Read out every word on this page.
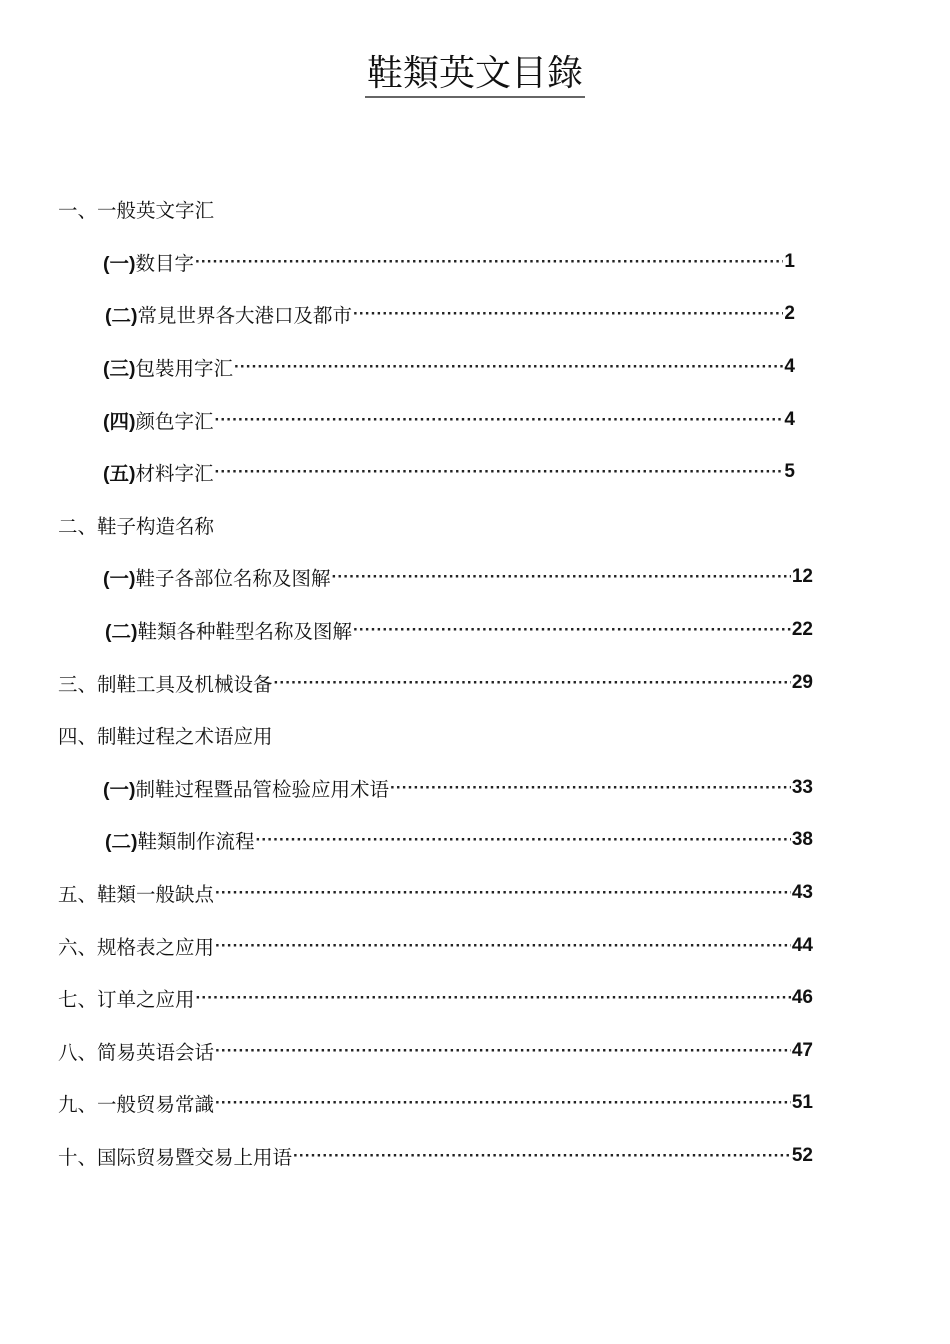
鞋類英文目錄
一、一般英文字汇
(一)数目字 ·····	1
(二)常見世界各大港口及都市 ·····	2
(三)包裝用字汇 ·····	4
(四)颜色字汇 ·····	4
(五)材料字汇 ·····	5
二、鞋子构造名称
(一)鞋子各部位名称及图解 ·····	12
(二)鞋類各种鞋型名称及图解 ·····	22
三、制鞋工具及机械设备 ·····	29
四、制鞋过程之术语应用
(一)制鞋过程暨品管检验应用术语 ·····	33
(二)鞋類制作流程 ·····	38
五、鞋類一般缺点 ·····	43
六、规格表之应用 ·····	44
七、订单之应用 ·····	46
八、简易英语会话 ·····	47
九、一般贸易常識 ·····	51
十、国际贸易暨交易上用语 ·····	52
